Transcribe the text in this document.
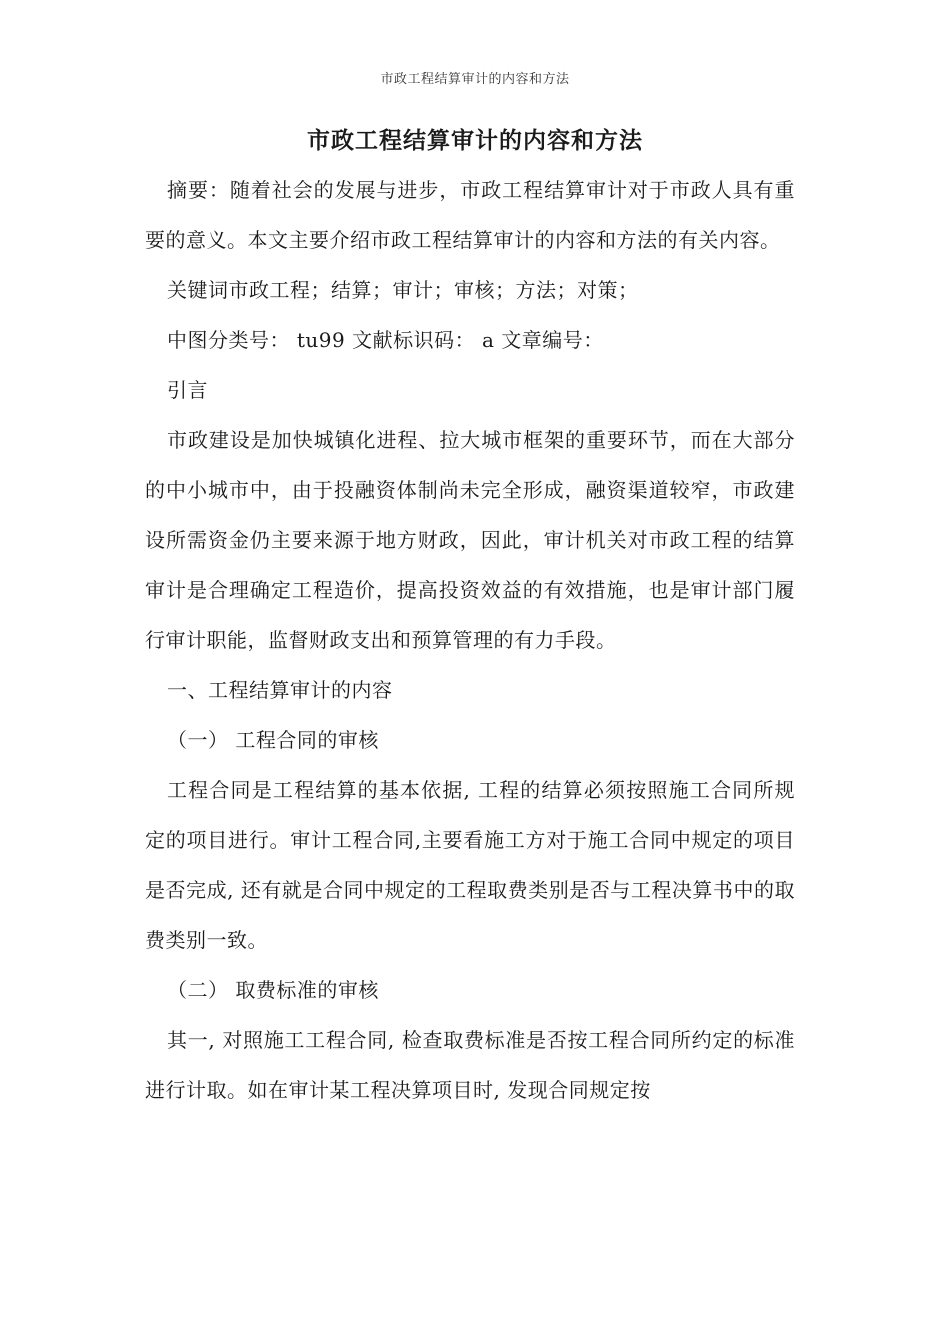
市政工程结算审计的内容和方法
市政工程结算审计的内容和方法

摘要：随着社会的发展与进步，市政工程结算审计对于市政人具有重要的意义。本文主要介绍市政工程结算审计的内容和方法的有关内容。

关键词市政工程；结算；审计；审核；方法；对策；

中图分类号： tu99 文献标识码： a 文章编号：

引言

市政建设是加快城镇化进程、拉大城市框架的重要环节，而在大部分的中小城市中，由于投融资体制尚未完全形成，融资渠道较窄，市政建设所需资金仍主要来源于地方财政，因此，审计机关对市政工程的结算审计是合理确定工程造价，提高投资效益的有效措施，也是审计部门履行审计职能，监督财政支出和预算管理的有力手段。

一、工程结算审计的内容

（一） 工程合同的审核

工程合同是工程结算的基本依据, 工程的结算必须按照施工合同所规定的项目进行。审计工程合同,主要看施工方对于施工合同中规定的项目是否完成, 还有就是合同中规定的工程取费类别是否与工程决算书中的取费类别一致。

（二） 取费标准的审核

其一, 对照施工工程合同, 检查取费标准是否按工程合同所约定的标准进行计取。如在审计某工程决算项目时, 发现合同规定按
